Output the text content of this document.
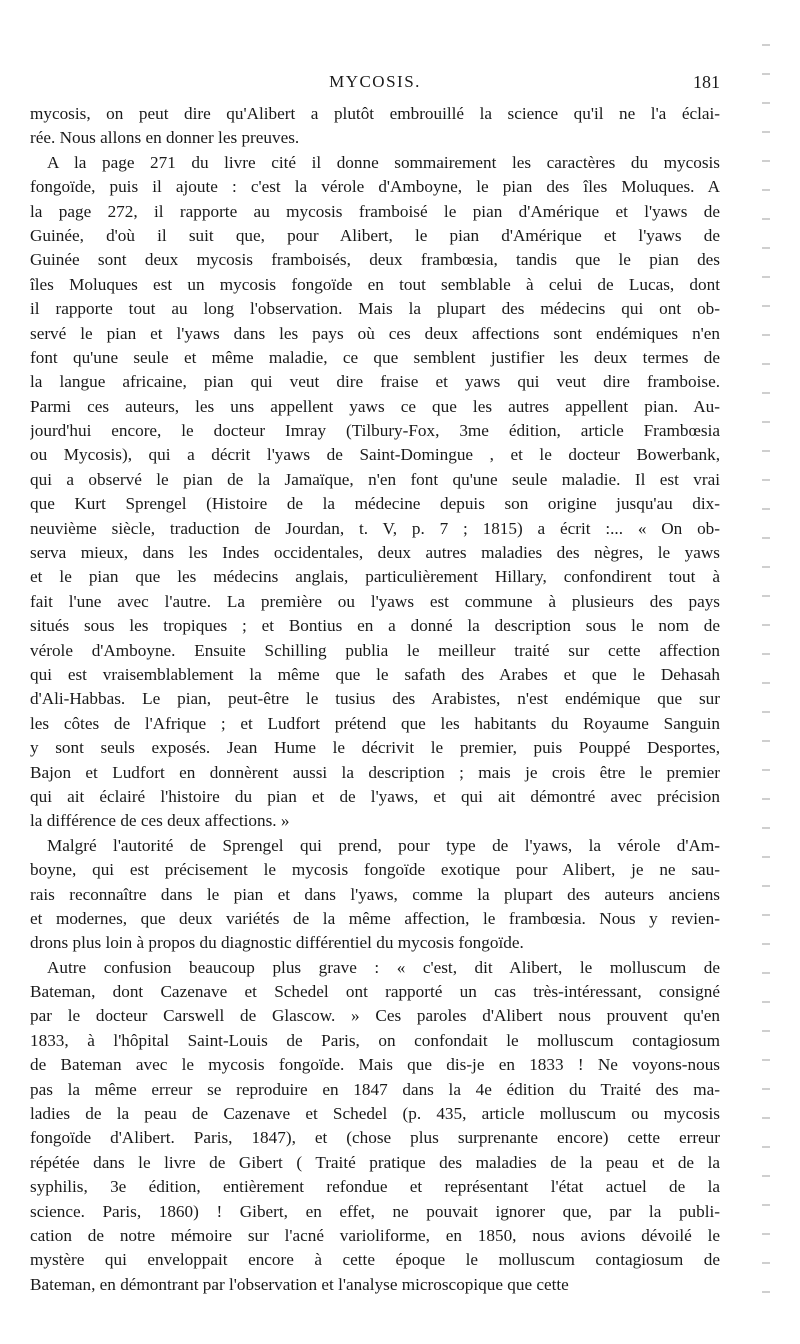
MYCOSIS.	181
mycosis, on peut dire qu'Alibert a plutôt embrouillé la science qu'il ne l'a éclai-
rée. Nous allons en donner les preuves.
A la page 271 du livre cité il donne sommairement les caractères du mycosis
fongoïde, puis il ajoute : c'est la vérole d'Amboyne, le pian des îles Moluques. A
la page 272, il rapporte au mycosis framboisé le pian d'Amérique et l'yaws de
Guinée, d'où il suit que, pour Alibert, le pian d'Amérique et l'yaws de
Guinée sont deux mycosis framboisés, deux frambœsia, tandis que le pian des
îles Moluques est un mycosis fongoïde en tout semblable à celui de Lucas, dont
il rapporte tout au long l'observation. Mais la plupart des médecins qui ont ob-
servé le pian et l'yaws dans les pays où ces deux affections sont endémiques n'en
font qu'une seule et même maladie, ce que semblent justifier les deux termes de
la langue africaine, pian qui veut dire fraise et yaws qui veut dire framboise.
Parmi ces auteurs, les uns appellent yaws ce que les autres appellent pian. Au-
jourd'hui encore, le docteur Imray (Tilbury-Fox, 3me édition, article Frambœsia
ou Mycosis), qui a décrit l'yaws de Saint-Domingue , et le docteur Bowerbank,
qui a observé le pian de la Jamaïque, n'en font qu'une seule maladie. Il est vrai
que Kurt Sprengel (Histoire de la médecine depuis son origine jusqu'au dix-
neuvième siècle, traduction de Jourdan, t. V, p. 7 ; 1815) a écrit :... « On ob-
serva mieux, dans les Indes occidentales, deux autres maladies des nègres, le yaws
et le pian que les médecins anglais, particulièrement Hillary, confondirent tout à
fait l'une avec l'autre. La première ou l'yaws est commune à plusieurs des pays
situés sous les tropiques ; et Bontius en a donné la description sous le nom de
vérole d'Amboyne. Ensuite Schilling publia le meilleur traité sur cette affection
qui est vraisemblablement la même que le safath des Arabes et que le Dehasah
d'Ali-Habbas. Le pian, peut-être le tusius des Arabistes, n'est endémique que sur
les côtes de l'Afrique ; et Ludfort prétend que les habitants du Royaume Sanguin
y sont seuls exposés. Jean Hume le décrivit le premier, puis Pouppé Desportes,
Bajon et Ludfort en donnèrent aussi la description ; mais je crois être le premier
qui ait éclairé l'histoire du pian et de l'yaws, et qui ait démontré avec précision
la différence de ces deux affections. »
Malgré l'autorité de Sprengel qui prend, pour type de l'yaws, la vérole d'Am-
boyne, qui est précisement le mycosis fongoïde exotique pour Alibert, je ne sau-
rais reconnaître dans le pian et dans l'yaws, comme la plupart des auteurs anciens
et modernes, que deux variétés de la même affection, le frambœsia. Nous y revien-
drons plus loin à propos du diagnostic différentiel du mycosis fongoïde.
Autre confusion beaucoup plus grave : « c'est, dit Alibert, le molluscum de
Bateman, dont Cazenave et Schedel ont rapporté un cas très-intéressant, consigné
par le docteur Carswell de Glascow. » Ces paroles d'Alibert nous prouvent qu'en
1833, à l'hôpital Saint-Louis de Paris, on confondait le molluscum contagiosum
de Bateman avec le mycosis fongoïde. Mais que dis-je en 1833 ! Ne voyons-nous
pas la même erreur se reproduire en 1847 dans la 4e édition du Traité des ma-
ladies de la peau de Cazenave et Schedel (p. 435, article molluscum ou mycosis
fongoïde d'Alibert. Paris, 1847), et (chose plus surprenante encore) cette erreur
répétée dans le livre de Gibert ( Traité pratique des maladies de la peau et de la
syphilis, 3e édition, entièrement refondue et représentant l'état actuel de la
science. Paris, 1860) ! Gibert, en effet, ne pouvait ignorer que, par la publi-
cation de notre mémoire sur l'acné varioliforme, en 1850, nous avions dévoilé le
mystère qui enveloppait encore à cette époque le molluscum contagiosum de
Bateman, en démontrant par l'observation et l'analyse microscopique que cette
